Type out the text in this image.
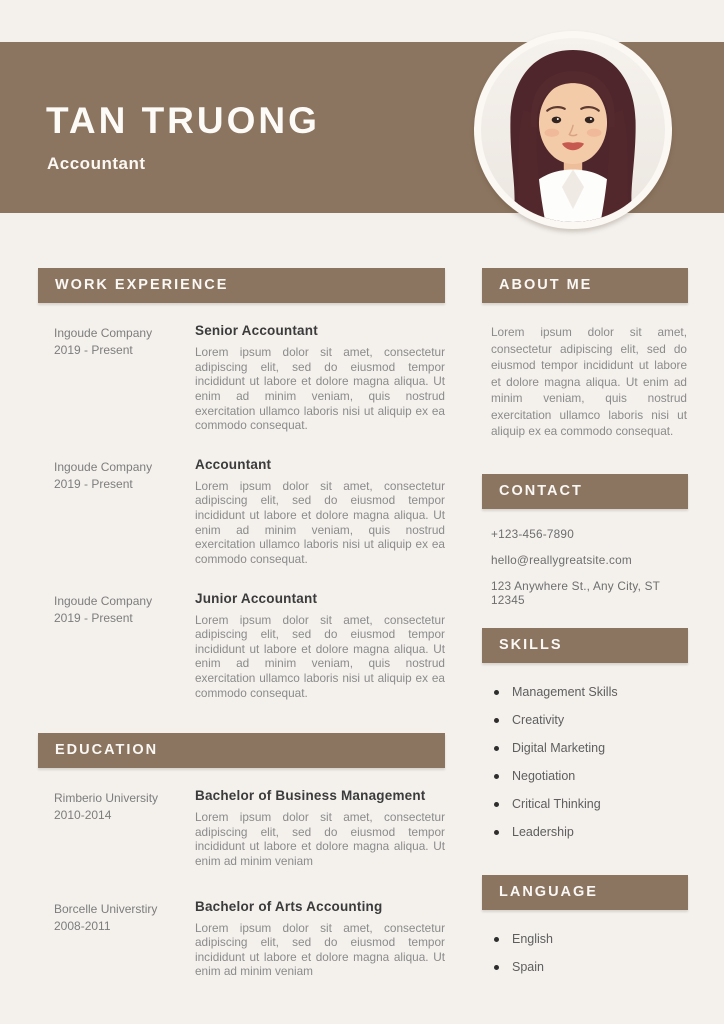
TAN TRUONG
Accountant
WORK EXPERIENCE
Ingoude Company
2019 - Present
Senior Accountant
Lorem ipsum dolor sit amet, consectetur adipiscing elit, sed do eiusmod tempor incididunt ut labore et dolore magna aliqua. Ut enim ad minim veniam, quis nostrud exercitation ullamco laboris nisi ut aliquip ex ea commodo consequat.
Ingoude Company
2019 - Present
Accountant
Lorem ipsum dolor sit amet, consectetur adipiscing elit, sed do eiusmod tempor incididunt ut labore et dolore magna aliqua. Ut enim ad minim veniam, quis nostrud exercitation ullamco laboris nisi ut aliquip ex ea commodo consequat.
Ingoude Company
2019 - Present
Junior Accountant
Lorem ipsum dolor sit amet, consectetur adipiscing elit, sed do eiusmod tempor incididunt ut labore et dolore magna aliqua. Ut enim ad minim veniam, quis nostrud exercitation ullamco laboris nisi ut aliquip ex ea commodo consequat.
EDUCATION
Rimberio University
2010-2014
Bachelor of Business Management
Lorem ipsum dolor sit amet, consectetur adipiscing elit, sed do eiusmod tempor incididunt ut labore et dolore magna aliqua. Ut enim ad minim veniam
Borcelle Universtiry
2008-2011
Bachelor of Arts Accounting
Lorem ipsum dolor sit amet, consectetur adipiscing elit, sed do eiusmod tempor incididunt ut labore et dolore magna aliqua. Ut enim ad minim veniam
ABOUT ME
Lorem ipsum dolor sit amet, consectetur adipiscing elit, sed do eiusmod tempor incididunt ut labore et dolore magna aliqua. Ut enim ad minim veniam, quis nostrud exercitation ullamco laboris nisi ut aliquip ex ea commodo consequat.
CONTACT
+123-456-7890
hello@reallygreatsite.com
123 Anywhere St., Any City, ST 12345
SKILLS
Management Skills
Creativity
Digital Marketing
Negotiation
Critical Thinking
Leadership
LANGUAGE
English
Spain
